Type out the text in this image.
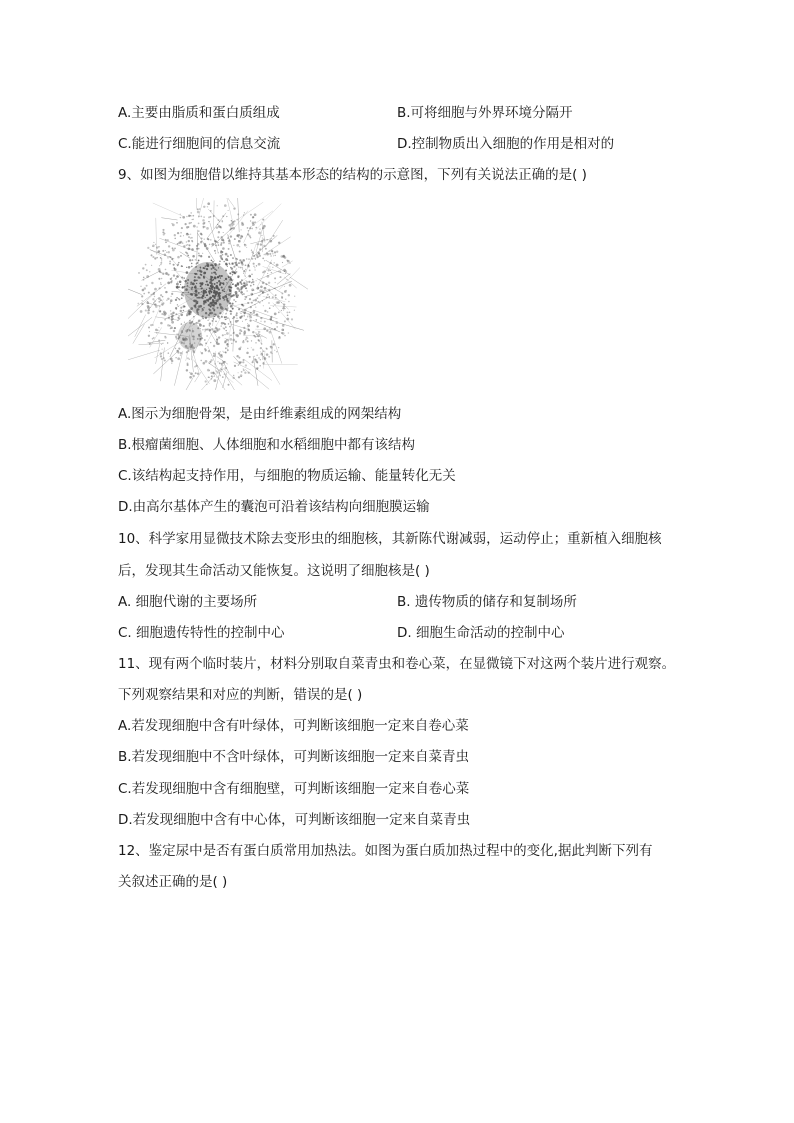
A.主要由脂质和蛋白质组成	B.可将细胞与外界环境分隔开
C.能进行细胞间的信息交流	D.控制物质出入细胞的作用是相对的
9、如图为细胞借以维持其基本形态的结构的示意图，下列有关说法正确的是( )
A.图示为细胞骨架，是由纤维素组成的网架结构
B.根瘤菌细胞、人体细胞和水稻细胞中都有该结构
C.该结构起支持作用，与细胞的物质运输、能量转化无关
D.由高尔基体产生的囊泡可沿着该结构向细胞膜运输
10、科学家用显微技术除去变形虫的细胞核，其新陈代谢减弱，运动停止；重新植入细胞核
后，发现其生命活动又能恢复。这说明了细胞核是( )
A. 细胞代谢的主要场所	B. 遗传物质的储存和复制场所
C. 细胞遗传特性的控制中心	D. 细胞生命活动的控制中心
11、现有两个临时装片，材料分别取自菜青虫和卷心菜，在显微镜下对这两个装片进行观察。
下列观察结果和对应的判断，错误的是( )
A.若发现细胞中含有叶绿体，可判断该细胞一定来自卷心菜
B.若发现细胞中不含叶绿体，可判断该细胞一定来自菜青虫
C.若发现细胞中含有细胞壁，可判断该细胞一定来自卷心菜
D.若发现细胞中含有中心体，可判断该细胞一定来自菜青虫
12、鉴定尿中是否有蛋白质常用加热法。如图为蛋白质加热过程中的变化,据此判断下列有
关叙述正确的是( )
